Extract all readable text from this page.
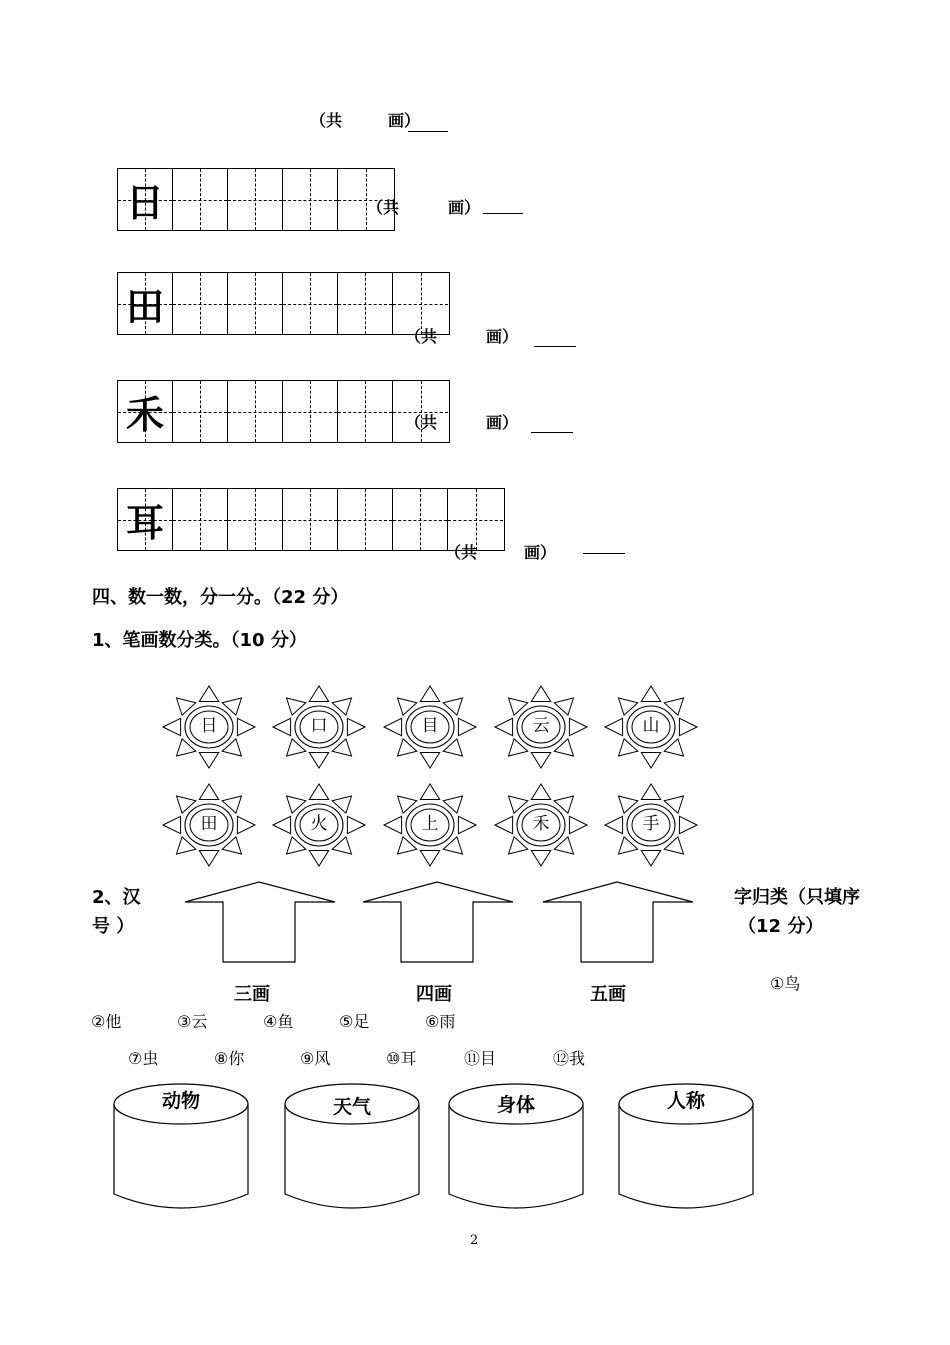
（共	画）
日	（共	画）
田
（共	画）
禾	（共	画）
耳
（共	画）
四、数一数，分一分。（22 分）
1、笔画数分类。（10 分）
日	口	目	云	山
田	火	上	禾	手
2、汉
号 ）
字归类（只填序
（12 分）
三画	四画	五画
①鸟
②他	③云	④鱼	⑤足	⑥雨
⑦虫	⑧你	⑨风	⑩耳	⑪目	⑫我
动物	天气	身体	人称
2
